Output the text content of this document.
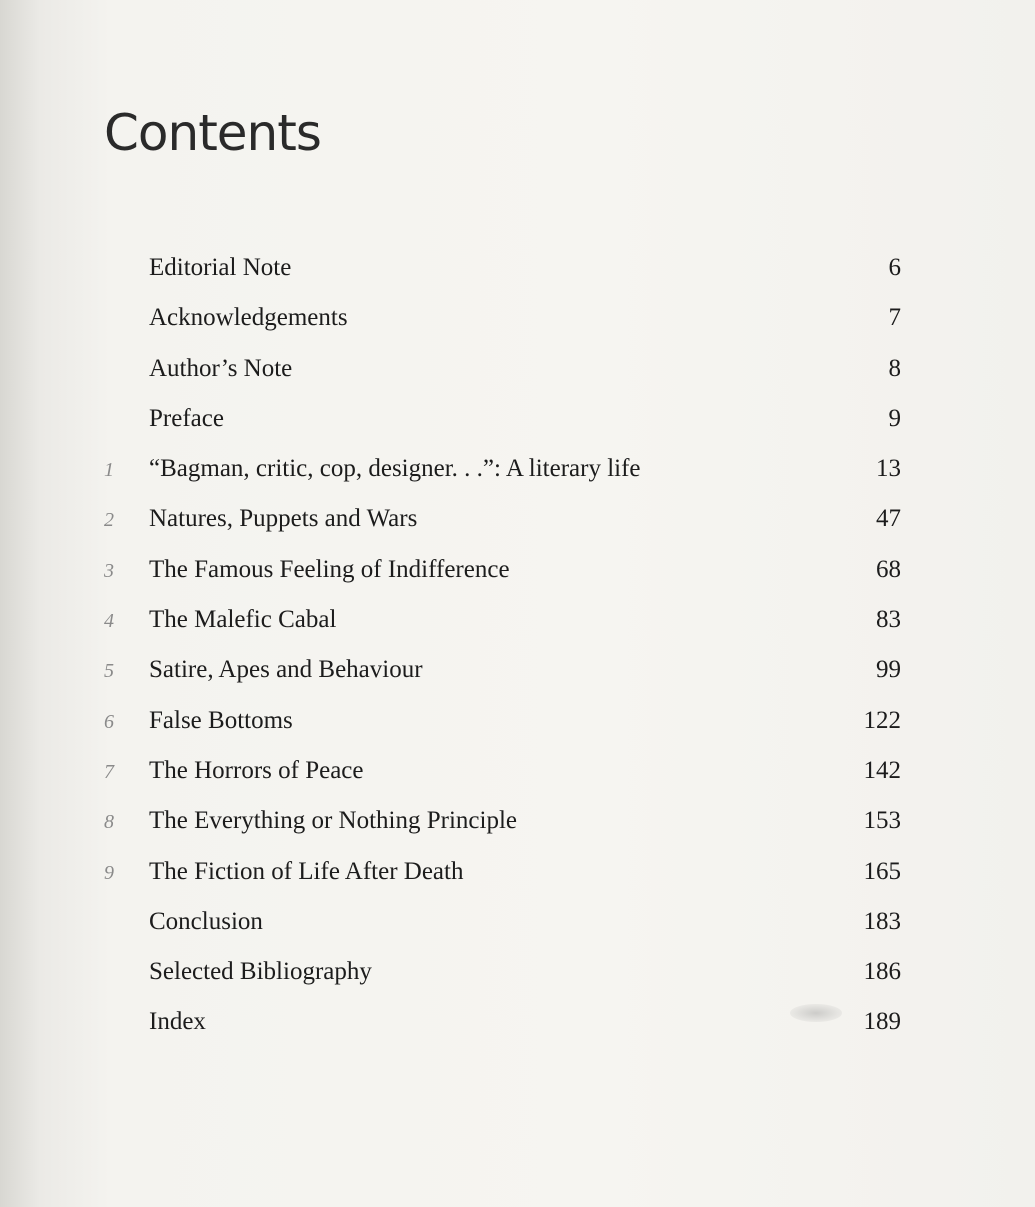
Contents
Editorial Note	6
Acknowledgements	7
Author’s Note	8
Preface	9
1	“Bagman, critic, cop, designer. . .”: A literary life	13
2	Natures, Puppets and Wars	47
3	The Famous Feeling of Indifference	68
4	The Malefic Cabal	83
5	Satire, Apes and Behaviour	99
6	False Bottoms	122
7	The Horrors of Peace	142
8	The Everything or Nothing Principle	153
9	The Fiction of Life After Death	165
Conclusion	183
Selected Bibliography	186
Index	189
